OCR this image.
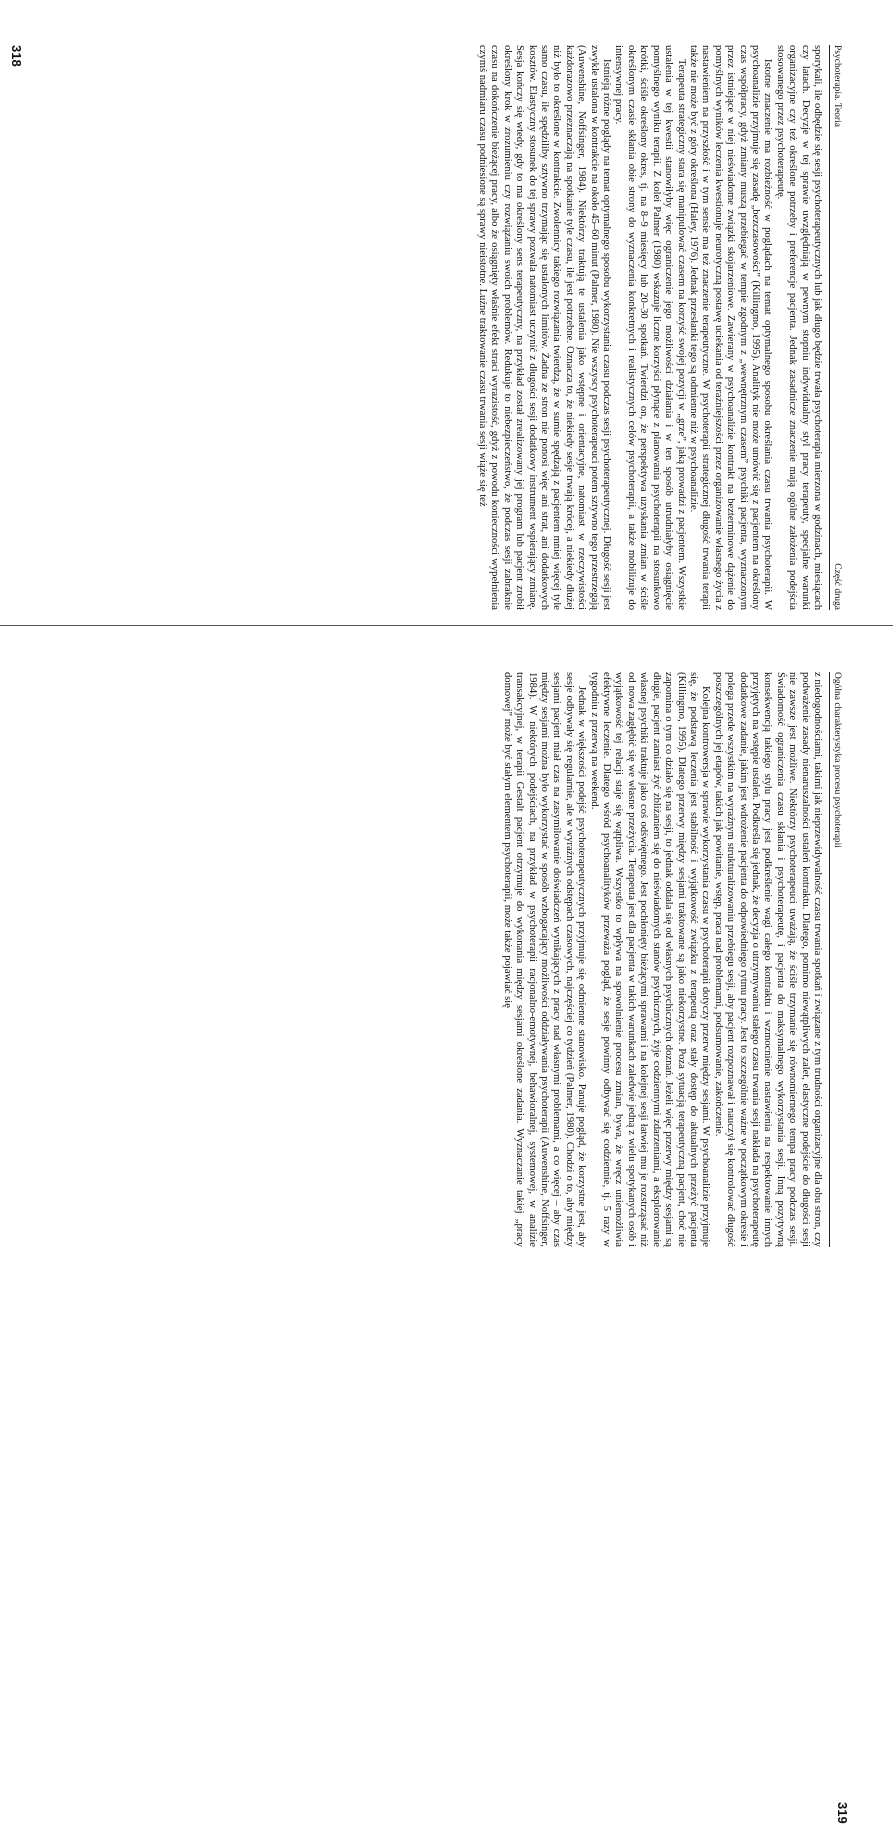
Psychoterapia. Teoria
Część druga

sporykali, ile odbędzie się sesji psychoterapeutycznych lub jak długo będzie trwała psychoterapia mierzona w godzinach, miesiącach czy latach. Decyzje w tej sprawie uwzględniają w pewnym stopniu indywidualny styl pracy terapeuty, specjalne warunki organizacyjne czy też określone potrzeby i preferencje pacjenta. Jednak zasadnicze znaczenie mają ogólne założenia podejścia stosowanego przez psychoterapeutę.

Istotne znaczenie ma rozbieżność w poglądach na temat optymalnego sposobu określania czasu trwania psychoterapii. W psychoanalizie przyjmuje się zasadę „bezczasowości” (Killingmo, 1995). Analityk nie może umówić się z pacjentem na określony czas współpracy, gdyż zmiany muszą przebiegać w tempie zgodnym z „wewnętrznym czasem” psychiki pacjenta, wyznaczonym przez istniejące w niej nieświadome związki skojarzeniowe. Zawierany w psychoanalizie kontrakt na bezterminowe dążenie do pomyślnych wyników leczenia kwestionuje neurotyczną postawę uciekania od teraźniejszości przez organizowanie własnego życia z nastawieniem na przyszłość i w tym sensie ma też znaczenie terapeutyczne. W psychoterapii strategicznej długość trwania terapii także nie może być z góry określona (Haley, 1976). Jednak przesłanki tego są odmienne niż w psychoanalizie.

Terapeuta strategiczny stara się manipulować czasem na korzyść swojej pozycji w „grze”, jaką prowadzi z pacjentem. Wszystkie ustalenia w tej kwestii stanowiłyby więc ograniczenie jego możliwości działania i w ten sposób utrudniałyby osiągnięcie pomyślnego wyniku terapii. Z kolei Palmer (1980) wskazuje liczne korzyści płynące z planowania psychoterapii na stosunkowo krótki, ściśle określony okres, tj. na 8–9 miesięcy lub 20–30 spotkań. Twierdzi on, że perspektywa uzyskania zmian w ściśle określonym czasie skłania obie strony do wyznaczenia konkretnych i realistycznych celów psychoterapii, a także mobilizuje do intensywnej pracy.

Istnieją różne poglądy na temat optymalnego sposobu wykorzystania czasu podczas sesji psychoterapeutycznej. Długość sesji jest zwykle ustalona w kontrakcie na około 45–60 minut (Palmer, 1980). Nie wszyscy psychoterapeuci potem sztywno tego przestrzegają (Auwenshine, Noffsinger, 1984). Niektórzy traktują te ustalenia jako wstępne i orientacyjne, natomiast w rzeczywistości każdorazowo przeznaczają na spotkanie tyle czasu, ile jest potrzebne. Oznacza to, że niekiedy sesje trwają krócej, a niekiedy dłużej niż było to określone w kontrakcie. Zwolennicy takiego rozwiązania twierdzą, że w sumie spędzają z pacjentem mniej więcej tyle samo czasu, ile spędziliby sztywno trzymając się ustalonych limitów. Żadna ze stron nie ponosi więc ani strat, ani dodatkowych kosztów. Elastyczny stosunek do tej sprawy pozwala natomiast uczynić z długości sesji dodatkowy instrument wspierający zmianę. Sesja kończy się wtedy, gdy to ma określony sens terapeutyczny, na przykład został zrealizowany jej program lub pacjent zrobił określony krok w zrozumieniu czy rozwiązaniu swoich problemów. Redukuje to niebezpieczeństwo, że podczas sesji zabraknie czasu na dokończenie bieżącej pracy, albo że osiągnięty właśnie efekt straci wyrazistość, gdyż z powodu konieczności wypełnienia czymś nadmiaru czasu podniesione są sprawy nieistotne. Luźne traktowanie czasu trwania sesji wiąże się też

318
Ogólna charakterystyka procesu psychoterapii

z niedogodnościami, takimi jak nieprzewidywalność czasu trwania spotkań i związane z tym trudności organizacyjne dla obu stron, czy podważenie zasady nienaruszalności ustaleń kontraktu. Dlatego, pomimo niewątpliwych zalet, elastyczne podejście do długości sesji nie zawsze jest możliwe. Niektórzy psychoterapeuci uważają, że ściśle trzymanie się równomiernego tempa pracy podczas sesji. Świadomość ograniczenia czasu skłania i psychoterapeutę, i pacjenta do maksymalnego wykorzystania sesji. Inną pozytywną konsekwencją takiego stylu pracy jest podkreślenie wagi całego kontraktu i wzmocnienie nastawienia na respektowanie innych przyjętych na wstępie ustaleń. Podkreśla się jednak, że decyzja o utrzymywaniu stałego czasu trwania sesji nakłada na psychoterapeutę dodatkowe zadanie, jakim jest wdrożenie pacjenta do odpowiedniego rytmu pracy. Jest to szczególnie ważne w początkowym okresie i polega przede wszystkim na wyraźnym strukturalizowaniu przebiegu sesji, aby pacjent rozpoznawał i nauczył się kontrolować długość poszczególnych jej etapów, takich jak powitanie, wstęp, praca nad problemami, podsumowanie, zakończenie.

Kolejna kontrowersja w sprawie wykorzystania czasu w psychoterapii dotyczy przerw między sesjami. W psychoanalizie przyjmuje się, że podstawą leczenia jest stabilność i wyjątkowość związku z terapeutą oraz stały dostęp do aktualnych przeżyć pacjenta (Killingmo, 1995). Dlatego przerwy między sesjami traktowane są jako niekorzystne. Poza sytuacją terapeutyczną pacjent, choć nie zapomina o tym co działo się na sesji, to jednak oddala się od własnych psychicznych doznań. Jeżeli więc przerwy między sesjami są długie, pacjent zamiast żyć zbliżaniem się do nieświadomych stanów psychicznych, żyje codziennymi zdarzeniami, a eksplorowanie własnej psychiki traktuje jako coś odświętnego. Jest pochłonięty bieżącymi sprawami i na kolejnej sesji łatwiej mu je rozstrząsać niż od nowa zagłębić się we własne przeżycia. Terapeuta jest dla pacjenta w takich warunkach zaledwie jedną z wielu spotykanych osób i wyjątkowość tej relacji staje się wątpliwa. Wszystko to wpływa na spowolnienie procesu zmian, bywa, że wręcz uniemożliwia efektywne leczenie. Dlatego wśród psychoanalityków przeważa pogląd, że sesje powinny odbywać się codziennie, tj. 5 razy w tygodniu z przerwą na weekend.

Jednak w większości podejść psychoterapeutycznych przyjmuje się odmienne stanowisko. Panuje pogląd, że korzystne jest, aby sesje odbywały się regularnie, ale w wyraźnych odstępach czasowych, najczęściej co tydzień (Palmer, 1980). Chodzi o to, aby między sesjami pacjent miał czas na zasymilowanie doświadczeń wynikających z pracy nad własnymi problemami, a co więcej – aby czas między sesjami można było wykorzystać w sposób wzbogacający możliwości oddziaływania psychoterapii (Auwenshine, Noffsinger, 1984). W niektórych podejściach, na przykład w psychoterapii racjonalno-emotywnej, behawioralnej, systemowej, w analizie transakcyjnej, w terapii Gestalt pacjent otrzymuje do wykonania między sesjami określone zadania. Wyznaczanie takiej „pracy domowej” może być stałym elementem psychoterapii, może także pojawiać się

319
